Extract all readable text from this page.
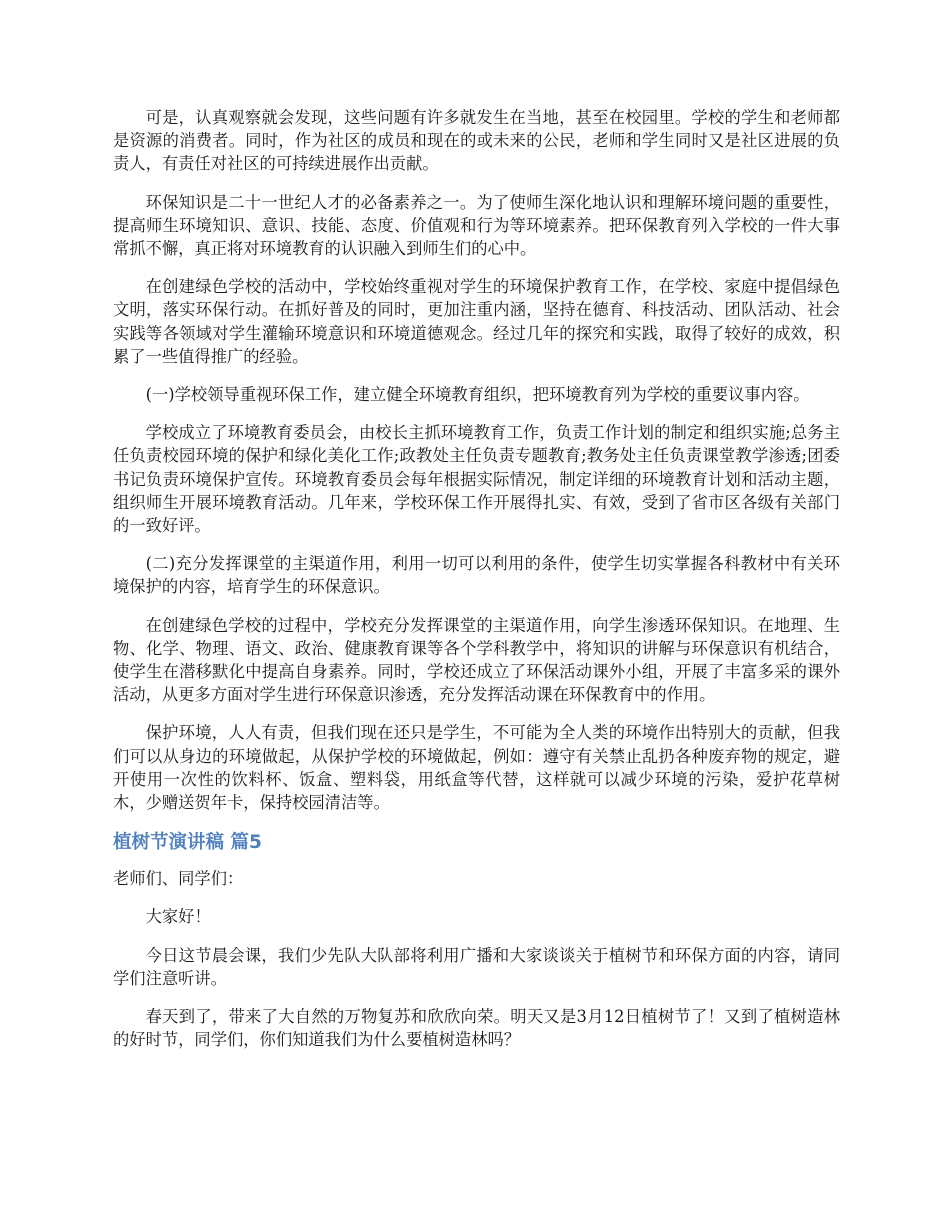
可是，认真观察就会发现，这些问题有许多就发生在当地，甚至在校园里。学校的学生和老师都是资源的消费者。同时，作为社区的成员和现在的或未来的公民，老师和学生同时又是社区进展的负责人，有责任对社区的可持续进展作出贡献。

环保知识是二十一世纪人才的必备素养之一。为了使师生深化地认识和理解环境问题的重要性，提高师生环境知识、意识、技能、态度、价值观和行为等环境素养。把环保教育列入学校的一件大事常抓不懈，真正将对环境教育的认识融入到师生们的心中。

在创建绿色学校的活动中，学校始终重视对学生的环境保护教育工作，在学校、家庭中提倡绿色文明，落实环保行动。在抓好普及的同时，更加注重内涵，坚持在德育、科技活动、团队活动、社会实践等各领域对学生灌输环境意识和环境道德观念。经过几年的探究和实践，取得了较好的成效，积累了一些值得推广的经验。

(一)学校领导重视环保工作，建立健全环境教育组织，把环境教育列为学校的重要议事内容。

学校成立了环境教育委员会，由校长主抓环境教育工作，负责工作计划的制定和组织实施;总务主任负责校园环境的保护和绿化美化工作;政教处主任负责专题教育;教务处主任负责课堂教学渗透;团委书记负责环境保护宣传。环境教育委员会每年根据实际情况，制定详细的环境教育计划和活动主题，组织师生开展环境教育活动。几年来，学校环保工作开展得扎实、有效，受到了省市区各级有关部门的一致好评。

(二)充分发挥课堂的主渠道作用，利用一切可以利用的条件，使学生切实掌握各科教材中有关环境保护的内容，培育学生的环保意识。

在创建绿色学校的过程中，学校充分发挥课堂的主渠道作用，向学生渗透环保知识。在地理、生物、化学、物理、语文、政治、健康教育课等各个学科教学中，将知识的讲解与环保意识有机结合，使学生在潜移默化中提高自身素养。同时，学校还成立了环保活动课外小组，开展了丰富多采的课外活动，从更多方面对学生进行环保意识渗透，充分发挥活动课在环保教育中的作用。

保护环境，人人有责，但我们现在还只是学生，不可能为全人类的环境作出特别大的贡献，但我们可以从身边的环境做起，从保护学校的环境做起，例如：遵守有关禁止乱扔各种废弃物的规定，避开使用一次性的饮料杯、饭盒、塑料袋，用纸盒等代替，这样就可以减少环境的污染，爱护花草树木，少赠送贺年卡，保持校园清洁等。

植树节演讲稿 篇5

老师们、同学们：

大家好！

今日这节晨会课，我们少先队大队部将利用广播和大家谈谈关于植树节和环保方面的内容，请同学们注意听讲。

春天到了，带来了大自然的万物复苏和欣欣向荣。明天又是3月12日植树节了！又到了植树造林的好时节，同学们，你们知道我们为什么要植树造林吗？
